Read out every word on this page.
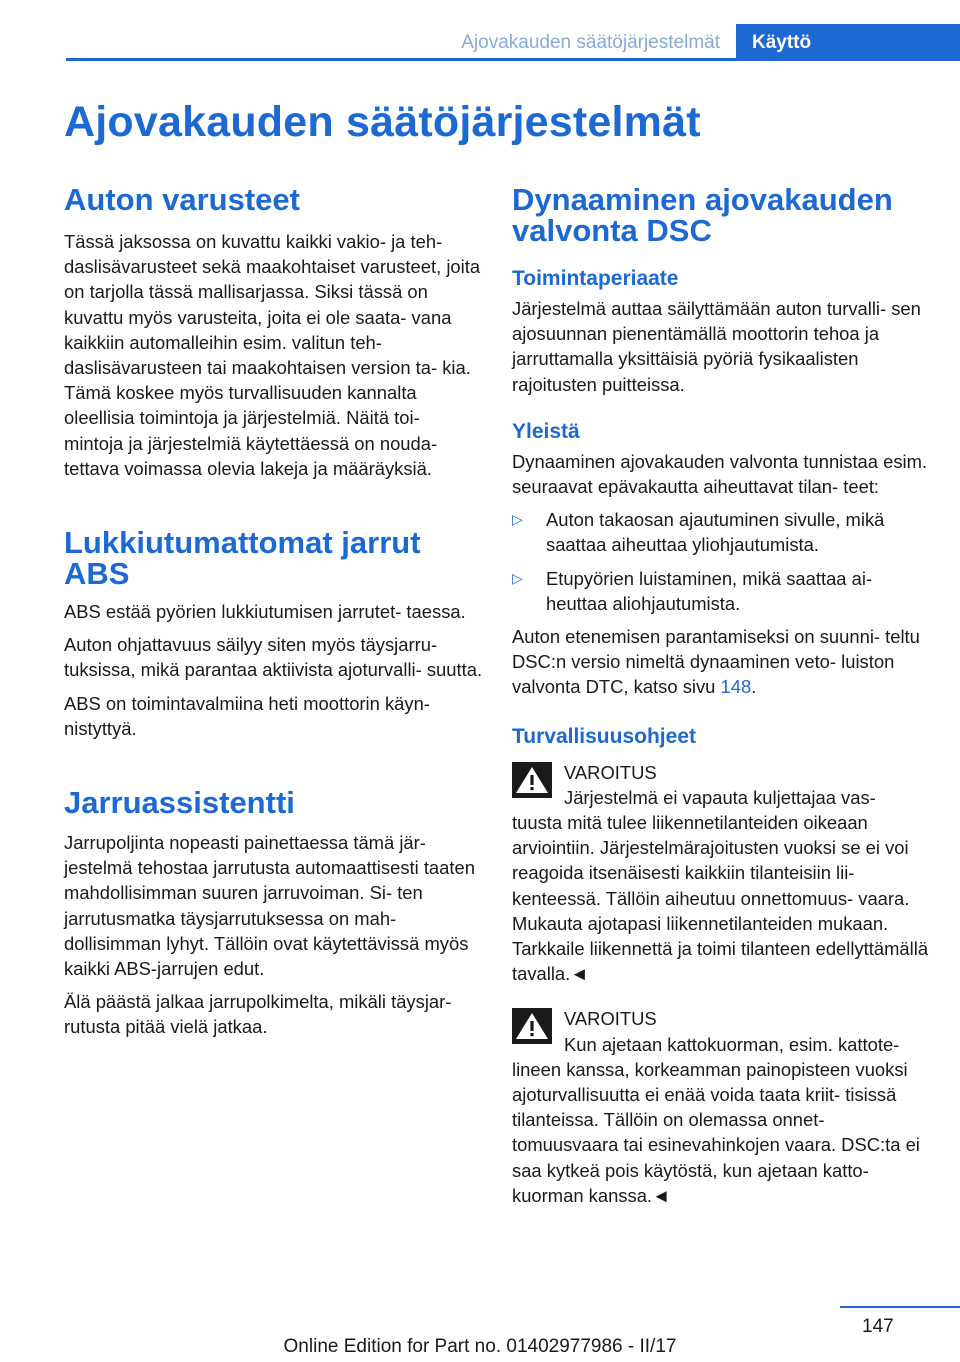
Ajovakauden säätöjärjestelmät	Käyttö
Ajovakauden säätöjärjestelmät
Auton varusteet

Tässä jaksossa on kuvattu kaikki vakio- ja teh‐ daslisävarusteet sekä maakohtaiset varusteet, joita on tarjolla tässä mallisarjassa. Siksi tässä on kuvattu myös varusteita, joita ei ole saata‐ vana kaikkiin automalleihin esim. valitun teh‐ daslisävarusteen tai maakohtaisen version ta‐ kia. Tämä koskee myös turvallisuuden kannalta oleellisia toimintoja ja järjestelmiä. Näitä toi‐ mintoja ja järjestelmiä käytettäessä on nouda‐ tettava voimassa olevia lakeja ja määräyksiä.

Lukkiutumattomat jarrut ABS

ABS estää pyörien lukkiutumisen jarrutet‐ taessa.

Auton ohjattavuus säilyy siten myös täysjarru‐ tuksissa, mikä parantaa aktiivista ajoturvalli‐ suutta.

ABS on toimintavalmiina heti moottorin käyn‐ nistyttyä.

Jarruassistentti

Jarrupoljinta nopeasti painettaessa tämä jär‐ jestelmä tehostaa jarrutusta automaattisesti taaten mahdollisimman suuren jarruvoiman. Si‐ ten jarrutusmatka täysjarrutuksessa on mah‐ dollisimman lyhyt. Tällöin ovat käytettävissä myös kaikki ABS-jarrujen edut.

Älä päästä jalkaa jarrupolkimelta, mikäli täysjar‐ rutusta pitää vielä jatkaa.

Dynaaminen ajovakauden valvonta DSC
Toimintaperiaate

Järjestelmä auttaa säilyttämään auton turvalli‐ sen ajosuunnan pienentämällä moottorin tehoa ja jarruttamalla yksittäisiä pyöriä fysikaalisten rajoitusten puitteissa.

Yleistä

Dynaaminen ajovakauden valvonta tunnistaa esim. seuraavat epävakautta aiheuttavat tilan‐ teet:

▷ Auton takaosan ajautuminen sivulle, mikä saattaa aiheuttaa yliohjautumista.
▷ Etupyörien luistaminen, mikä saattaa ai‐ heuttaa aliohjautumista.

Auton etenemisen parantamiseksi on suunni‐ teltu DSC:n versio nimeltä dynaaminen veto‐ luiston valvonta DTC, katso sivu 148.

Turvallisuusohjeet
VAROITUS
Järjestelmä ei vapauta kuljettajaa vas‐
tuusta mitä tulee liikennetilanteiden oikeaan arviointiin. Järjestelmärajoitusten vuoksi se ei voi reagoida itsenäisesti kaikkiin tilanteisiin lii‐ kenteessä. Tällöin aiheutuu onnettomuus‐ vaara. Mukauta ajotapasi liikennetilanteiden mukaan. Tarkkaile liikennettä ja toimi tilanteen edellyttämällä tavalla.◄
VAROITUS
Kun ajetaan kattokuorman, esim. kattote‐
lineen kanssa, korkeamman painopisteen vuoksi ajoturvallisuutta ei enää voida taata kriit‐ tisissä tilanteissa. Tällöin on olemassa onnet‐ tomuusvaara tai esinevahinkojen vaara. DSC:ta ei saa kytkeä pois käytöstä, kun ajetaan katto‐ kuorman kanssa.◄
147
Online Edition for Part no. 01402977986 - II/17
